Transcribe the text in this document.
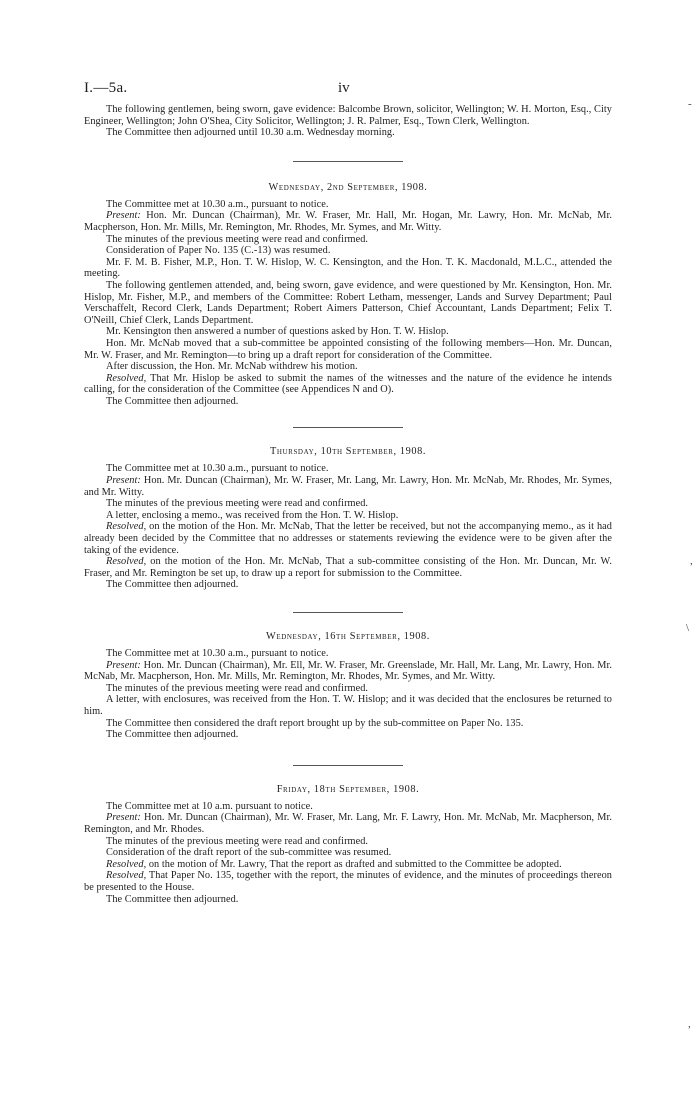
I.—5a.	iv

The following gentlemen, being sworn, gave evidence: Balcombe Brown, solicitor, Wellington; W. H. Morton, Esq., City Engineer, Wellington; John O'Shea, City Solicitor, Wellington; J. R. Palmer, Esq., Town Clerk, Wellington.

The Committee then adjourned until 10.30 a.m. Wednesday morning.

Wednesday, 2nd September, 1908.

The Committee met at 10.30 a.m., pursuant to notice.

Present: Hon. Mr. Duncan (Chairman), Mr. W. Fraser, Mr. Hall, Mr. Hogan, Mr. Lawry, Hon. Mr. McNab, Mr. Macpherson, Hon. Mr. Mills, Mr. Remington, Mr. Rhodes, Mr. Symes, and Mr. Witty.

The minutes of the previous meeting were read and confirmed.

Consideration of Paper No. 135 (C.-13) was resumed.

Mr. F. M. B. Fisher, M.P., Hon. T. W. Hislop, W. C. Kensington, and the Hon. T. K. Macdonald, M.L.C., attended the meeting.

The following gentlemen attended, and, being sworn, gave evidence, and were questioned by Mr. Kensington, Hon. Mr. Hislop, Mr. Fisher, M.P., and members of the Committee: Robert Letham, messenger, Lands and Survey Department; Paul Verschaffelt, Record Clerk, Lands Department; Robert Aimers Patterson, Chief Accountant, Lands Department; Felix T. O'Neill, Chief Clerk, Lands Department.

Mr. Kensington then answered a number of questions asked by Hon. T. W. Hislop.

Hon. Mr. McNab moved that a sub-committee be appointed consisting of the following members—Hon. Mr. Duncan, Mr. W. Fraser, and Mr. Remington—to bring up a draft report for consideration of the Committee.

After discussion, the Hon. Mr. McNab withdrew his motion.

Resolved, That Mr. Hislop be asked to submit the names of the witnesses and the nature of the evidence he intends calling, for the consideration of the Committee (see Appendices N and O).

The Committee then adjourned.

Thursday, 10th September, 1908.

The Committee met at 10.30 a.m., pursuant to notice.

Present: Hon. Mr. Duncan (Chairman), Mr. W. Fraser, Mr. Lang, Mr. Lawry, Hon. Mr. McNab, Mr. Rhodes, Mr. Symes, and Mr. Witty.

The minutes of the previous meeting were read and confirmed.

A letter, enclosing a memo., was received from the Hon. T. W. Hislop.

Resolved, on the motion of the Hon. Mr. McNab, That the letter be received, but not the accompanying memo., as it had already been decided by the Committee that no addresses or statements reviewing the evidence were to be given after the taking of the evidence.

Resolved, on the motion of the Hon. Mr. McNab, That a sub-committee consisting of the Hon. Mr. Duncan, Mr. W. Fraser, and Mr. Remington be set up, to draw up a report for submission to the Committee.

The Committee then adjourned.

Wednesday, 16th September, 1908.

The Committee met at 10.30 a.m., pursuant to notice.

Present: Hon. Mr. Duncan (Chairman), Mr. Ell, Mr. W. Fraser, Mr. Greenslade, Mr. Hall, Mr. Lang, Mr. Lawry, Hon. Mr. McNab, Mr. Macpherson, Hon. Mr. Mills, Mr. Remington, Mr. Rhodes, Mr. Symes, and Mr. Witty.

The minutes of the previous meeting were read and confirmed.

A letter, with enclosures, was received from the Hon. T. W. Hislop; and it was decided that the enclosures be returned to him.

The Committee then considered the draft report brought up by the sub-committee on Paper No. 135.

The Committee then adjourned.

Friday, 18th September, 1908.

The Committee met at 10 a.m. pursuant to notice.

Present: Hon. Mr. Duncan (Chairman), Mr. W. Fraser, Mr. Lang, Mr. F. Lawry, Hon. Mr. McNab, Mr. Macpherson, Mr. Remington, and Mr. Rhodes.

The minutes of the previous meeting were read and confirmed.

Consideration of the draft report of the sub-committee was resumed.

Resolved, on the motion of Mr. Lawry, That the report as drafted and submitted to the Committee be adopted.

Resolved, That Paper No. 135, together with the report, the minutes of evidence, and the minutes of proceedings thereon be presented to the House.

The Committee then adjourned.

-
,
\
,
